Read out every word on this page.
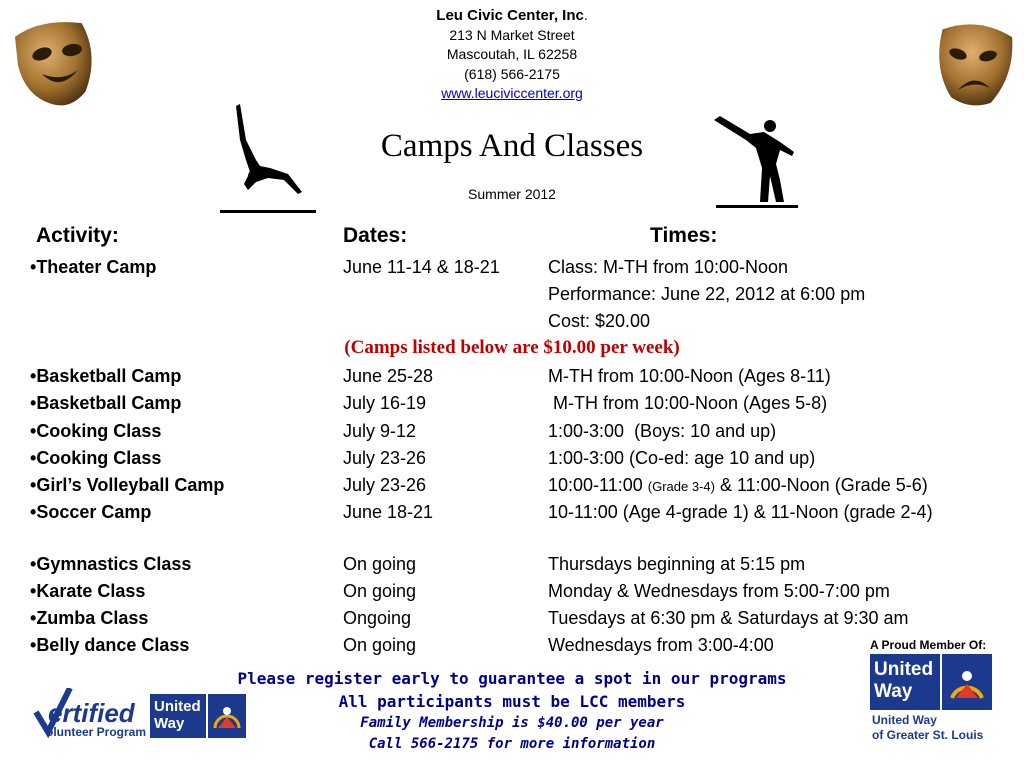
Leu Civic Center, Inc.
213 N Market Street
Mascoutah, IL 62258
(618) 566-2175
www.leuciviccenter.org
Camps And Classes
Summer 2012
Activity:	Dates:	Times:
•Theater Camp	June 11-14 & 18-21	Class: M-TH from 10:00-Noon
Performance: June 22, 2012 at 6:00 pm
Cost: $20.00
(Camps listed below are $10.00 per week)
•Basketball Camp	June 25-28	M-TH from 10:00-Noon (Ages 8-11)
•Basketball Camp	July 16-19	M-TH from 10:00-Noon (Ages 5-8)
•Cooking Class	July 9-12	1:00-3:00  (Boys: 10 and up)
•Cooking Class	July 23-26	1:00-3:00 (Co-ed: age 10 and up)
•Girl’s Volleyball Camp	July 23-26	10:00-11:00 (Grade 3-4) & 11:00-Noon (Grade 5-6)
•Soccer Camp	June 18-21	10-11:00 (Age 4-grade 1) & 11-Noon (grade 2-4)
•Gymnastics Class	On going	Thursdays beginning at 5:15 pm
•Karate Class	On going	Monday & Wednesdays from 5:00-7:00 pm
•Zumba Class	Ongoing	Tuesdays at 6:30 pm & Saturdays at 9:30 am
•Belly dance Class	On going	Wednesdays from 3:00-4:00	A Proud Member Of:
United
Way
United Way
of Greater St. Louis
ertified
olunteer Program
United
Way
Please register early to guarantee a spot in our programs
All participants must be LCC members
Family Membership is $40.00 per year
Call 566-2175 for more information
